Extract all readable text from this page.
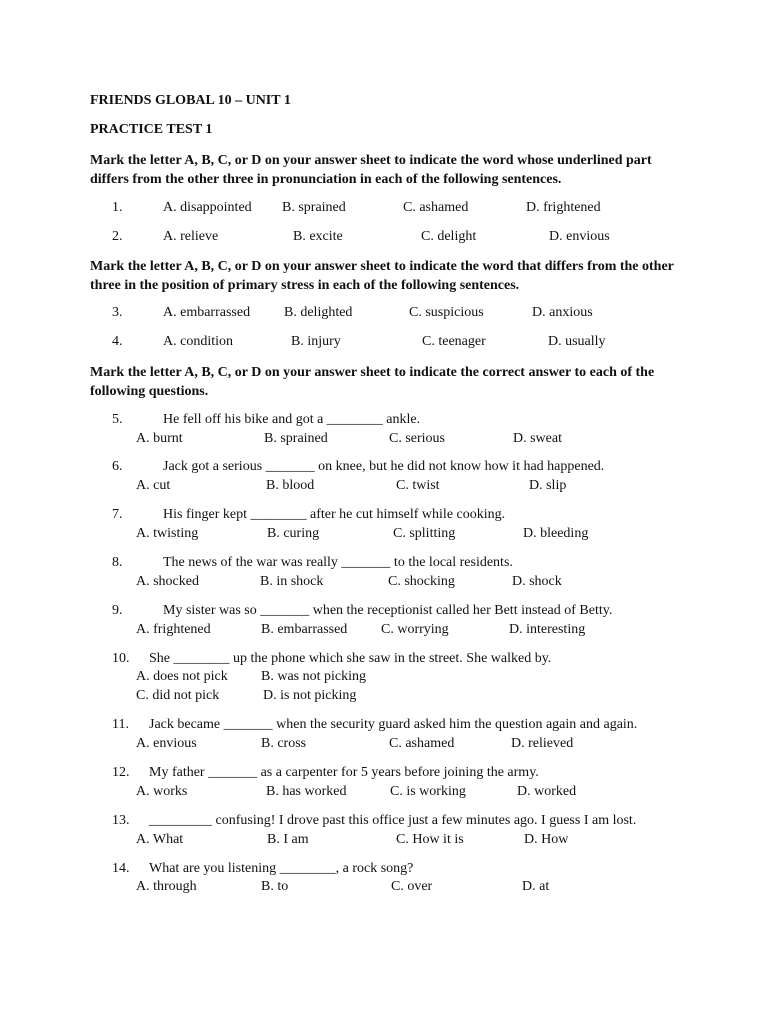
FRIENDS GLOBAL 10 – UNIT 1
PRACTICE TEST 1
Mark the letter A, B, C, or D on your answer sheet to indicate the word whose underlined part differs from the other three in pronunciation in each of the following sentences.
1.	A. disappointed B. sprained	C. ashamed	D. frightened
2.	A. relieve	B. excite	C. delight	D. envious
Mark the letter A, B, C, or D on your answer sheet to indicate the word that differs from the other three in the position of primary stress in each of the following sentences.
3.	A. embarrassed B. delighted	C. suspicious	D. anxious
4.	A. condition	B. injury	C. teenager	D. usually
Mark the letter A, B, C, or D on your answer sheet to indicate the correct answer to each of the following questions.
5.	He fell off his bike and got a ________ ankle.
A. burnt	B. sprained	C. serious	D. sweat
6.	Jack got a serious _______ on knee, but he did not know how it had happened.
A. cut	B. blood	C. twist	D. slip
7.	His finger kept ________ after he cut himself while cooking.
A. twisting	B. curing	C. splitting	D. bleeding
8.	The news of the war was really _______ to the local residents.
A. shocked	B. in shock	C. shocking	D. shock
9.	My sister was so _______ when the receptionist called her Bett instead of Betty.
A. frightened	B. embarrassed C. worrying	D. interesting
10. She ________ up the phone which she saw in the street. She walked by.
A. does not pick B. was not picking
C. did not pick	D. is not picking
11. Jack became _______ when the security guard asked him the question again and again.
A. envious	B. cross	C. ashamed	D. relieved
12. My father _______ as a carpenter for 5 years before joining the army.
A. works	B. has worked	C. is working	D. worked
13. _________ confusing! I drove past this office just a few minutes ago. I guess I am lost.
A. What	B. I am	C. How it is	D. How
14. What are you listening ________, a rock song?
A. through	B. to	C. over	D. at
